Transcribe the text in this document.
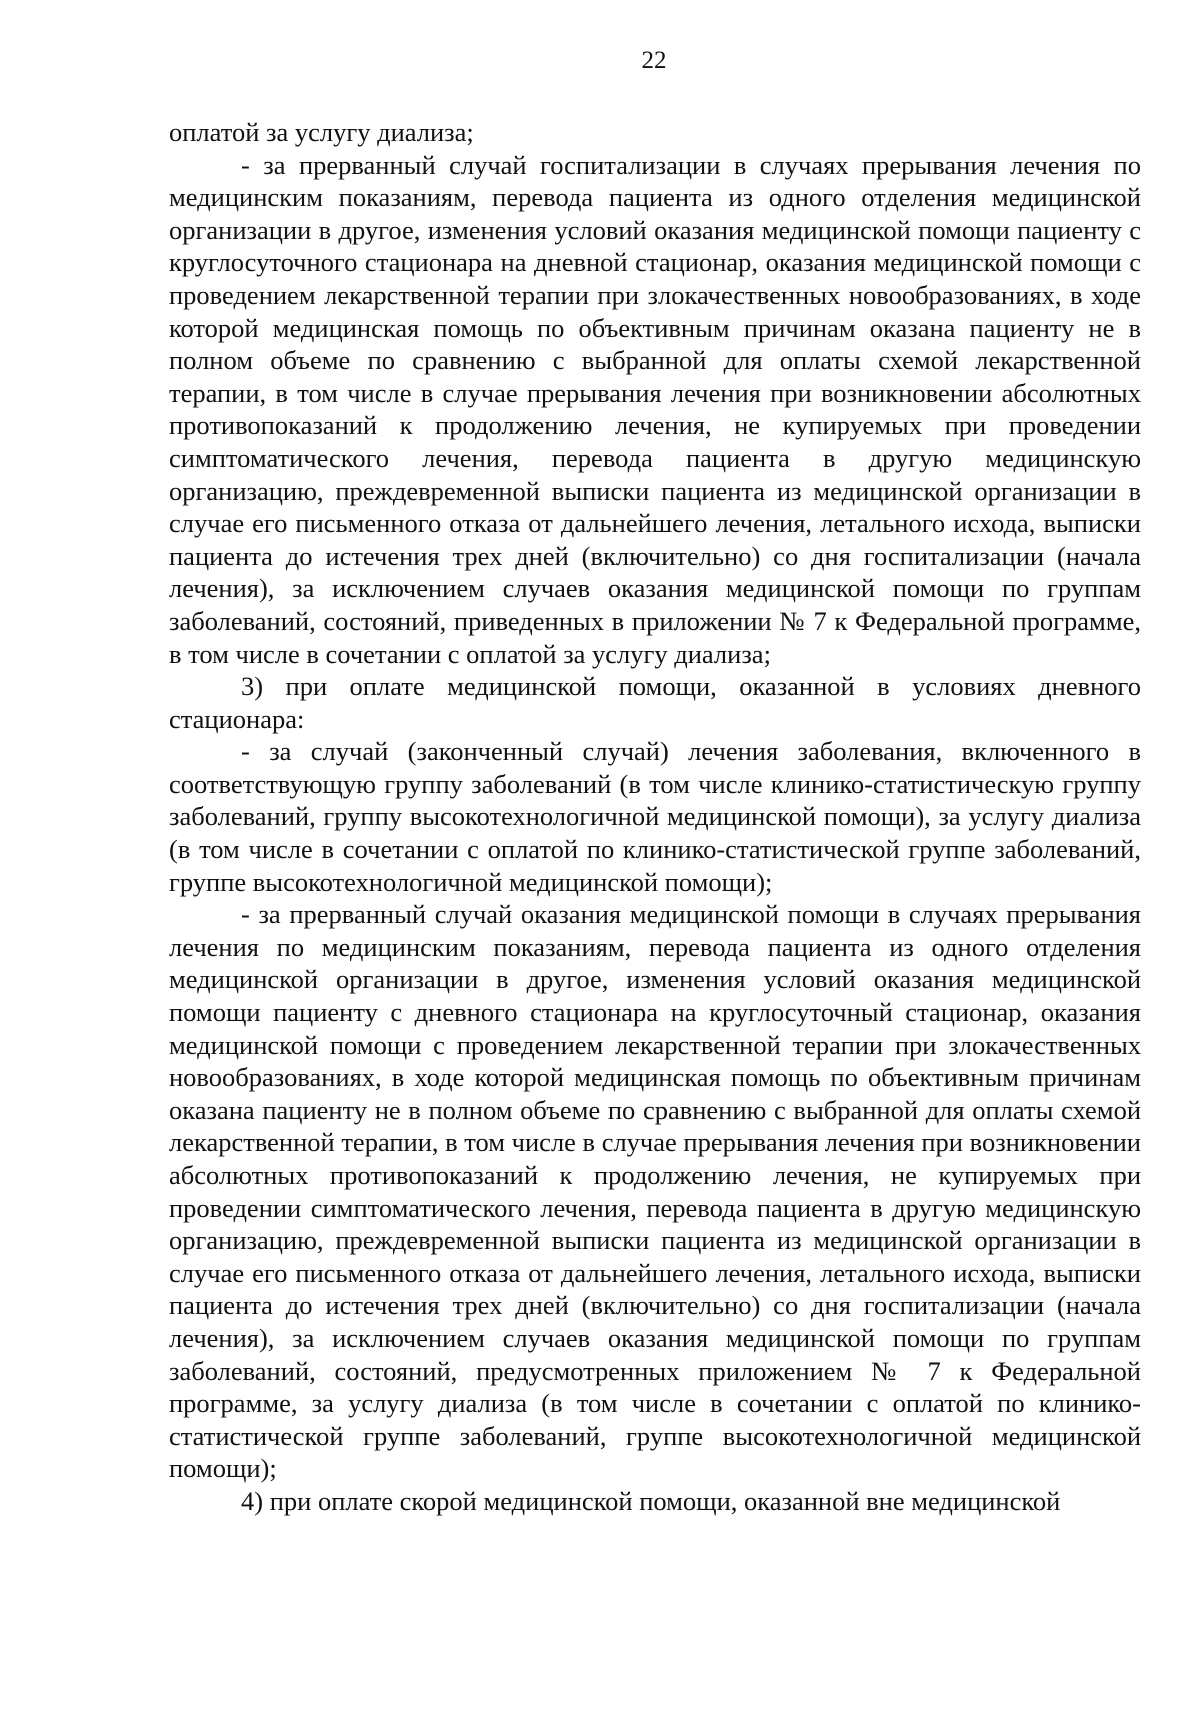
22

оплатой за услугу диализа;

- за прерванный случай госпитализации в случаях прерывания лечения по медицинским показаниям, перевода пациента из одного отделения медицинской организации в другое, изменения условий оказания медицинской помощи пациенту с круглосуточного стационара на дневной стационар, оказания медицинской помощи с проведением лекарственной терапии при злокачественных новообразованиях, в ходе которой медицинская помощь по объективным причинам оказана пациенту не в полном объеме по сравнению с выбранной для оплаты схемой лекарственной терапии, в том числе в случае прерывания лечения при возникновении абсолютных противопоказаний к продолжению лечения, не купируемых при проведении симптоматического лечения, перевода пациента в другую медицинскую организацию, преждевременной выписки пациента из медицинской организации в случае его письменного отказа от дальнейшего лечения, летального исхода, выписки пациента до истечения трех дней (включительно) со дня госпитализации (начала лечения), за исключением случаев оказания медицинской помощи по группам заболеваний, состояний, приведенных в приложении № 7 к Федеральной программе, в том числе в сочетании с оплатой за услугу диализа;

3) при оплате медицинской помощи, оказанной в условиях дневного стационара:

- за случай (законченный случай) лечения заболевания, включенного в соответствующую группу заболеваний (в том числе клинико-статистическую группу заболеваний, группу высокотехнологичной медицинской помощи), за услугу диализа (в том числе в сочетании с оплатой по клинико-статистической группе заболеваний, группе высокотехнологичной медицинской помощи);

- за прерванный случай оказания медицинской помощи в случаях прерывания лечения по медицинским показаниям, перевода пациента из одного отделения медицинской организации в другое, изменения условий оказания медицинской помощи пациенту с дневного стационара на круглосуточный стационар, оказания медицинской помощи с проведением лекарственной терапии при злокачественных новообразованиях, в ходе которой медицинская помощь по объективным причинам оказана пациенту не в полном объеме по сравнению с выбранной для оплаты схемой лекарственной терапии, в том числе в случае прерывания лечения при возникновении абсолютных противопоказаний к продолжению лечения, не купируемых при проведении симптоматического лечения, перевода пациента в другую медицинскую организацию, преждевременной выписки пациента из медицинской организации в случае его письменного отказа от дальнейшего лечения, летального исхода, выписки пациента до истечения трех дней (включительно) со дня госпитализации (начала лечения), за исключением случаев оказания медицинской помощи по группам заболеваний, состояний, предусмотренных приложением № 7 к Федеральной программе, за услугу диализа (в том числе в сочетании с оплатой по клинико-статистической группе заболеваний, группе высокотехнологичной медицинской помощи);

4) при оплате скорой медицинской помощи, оказанной вне медицинской
